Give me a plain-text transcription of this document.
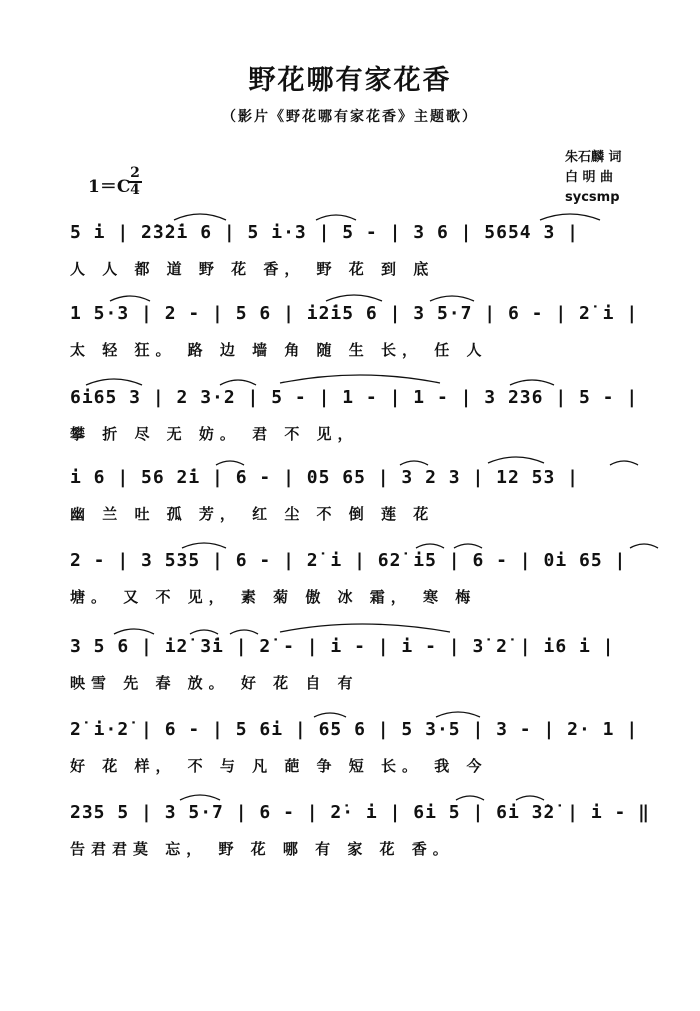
野花哪有家花香
（影片《野花哪有家花香》主题歌）
朱石麟 词
白 明 曲
sycsmp
1＝C
$\frac{2}{4}$
5 i | 2̇3̇2̇i 6 | 5 i·3 | 5 - | 3 6 | 5654 3 |
人 人 都 道 野 花 香， 野 花 到 底
1 5·3 | 2 - | 5 6 | i2̇i5 6 | 3 5·7 | 6 - | 2̇ i |
太 轻 狂。 路 边 墙 角 随 生 长， 任 人
6i65 3 | 2 3·2 | 5 - | 1 - | 1 - | 3 236 | 5 - |
攀 折 尽 无 妨。 君 不 见，
i 6 | 56 2̇i | 6 - | 05 65 | 3 2 3 | 12 53 |
幽 兰 吐 孤 芳， 红 尘 不 倒 莲 花
2 - | 3 535 | 6 - | 2̇ i | 62̇ i5 | 6 - | 0i 65 |
塘。 又 不 见， 素 菊 傲 冰 霜， 寒 梅
3 5 6 | i2̇ 3̇i | 2̇ - | i - | i - | 3̇ 2̇ | i6 i |
映雪 先 春 放。 好 花 自 有
2̇ i·2̇ | 6 - | 5 6i | 65 6 | 5 3·5 | 3 - | 2· 1 |
好 花 样， 不 与 凡 葩 争 短 长。 我 今
235 5 | 3 5·7 | 6 - | 2̇· i | 6i 5 | 6i 3̇2̇ | i - ‖
告君君莫 忘， 野 花 哪 有 家 花 香。
